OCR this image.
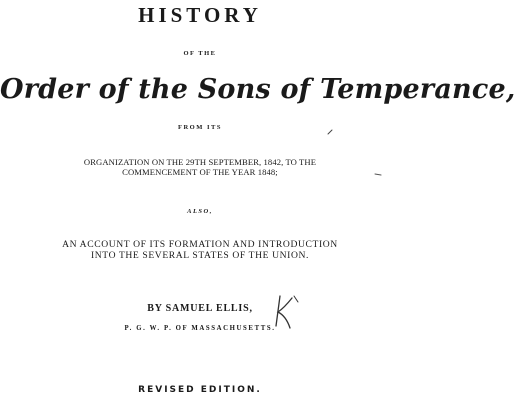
HISTORY
OF THE
Order of the Sons of Temperance,
FROM ITS
ORGANIZATION ON THE 29TH SEPTEMBER, 1842, TO THE
COMMENCEMENT OF THE YEAR 1848;
ALSO,
AN ACCOUNT OF ITS FORMATION AND INTRODUCTION
INTO THE SEVERAL STATES OF THE UNION.
BY SAMUEL ELLIS,
P. G. W. P. OF MASSACHUSETTS.
REVISED EDITION.
